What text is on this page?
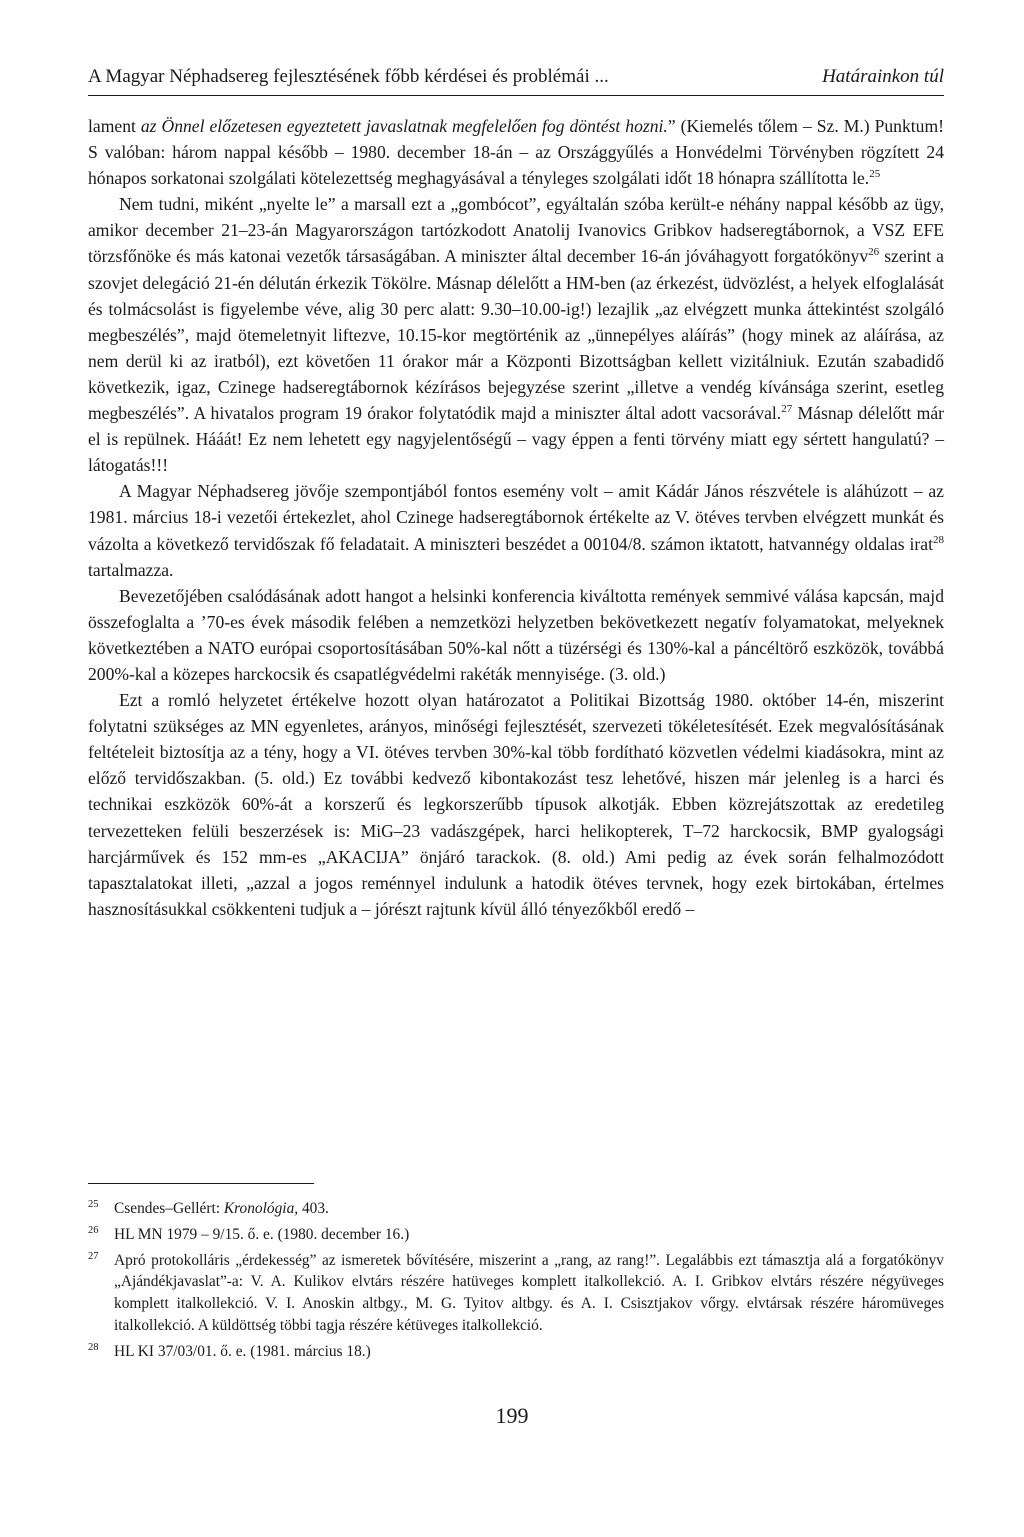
A Magyar Néphadsereg fejlesztésének főbb kérdései és problémái ...	Határainkon túl

lament az Önnel előzetesen egyeztetett javaslatnak megfelelően fog döntést hozni.” (Kiemelés tőlem – Sz. M.) Punktum! S valóban: három nappal később – 1980. december 18-án – az Országgyűlés a Honvédelmi Törvényben rögzített 24 hónapos sorkatonai szolgálati kötelezettség meghagyásával a tényleges szolgálati időt 18 hónapra szállította le.$^{25}$

Nem tudni, miként „nyelte le” a marsall ezt a „gombócot”, egyáltalán szóba került-e néhány nappal később az ügy, amikor december 21–23-án Magyarországon tartózkodott Anatolij Ivanovics Gribkov hadseregtábornok, a VSZ EFE törzsfőnöke és más katonai vezetők társaságában. A miniszter által december 16-án jóváhagyott forgatókönyv$^{26}$ szerint a szovjet delegáció 21-én délután érkezik Tökölre. Másnap délelőtt a HM-ben (az érkezést, üdvözlést, a helyek elfoglalását és tolmácsolást is figyelembe véve, alig 30 perc alatt: 9.30–10.00-ig!) lezajlik „az elvégzett munka áttekintést szolgáló megbeszélés”, majd ötemeletnyit liftezve, 10.15-kor megtörténik az „ünnepélyes aláírás” (hogy minek az aláírása, az nem derül ki az iratból), ezt követően 11 órakor már a Központi Bizottságban kellett vizitálniuk. Ezután szabadidő következik, igaz, Czinege hadseregtábornok kézírásos bejegyzése szerint „illetve a vendég kívánsága szerint, esetleg megbeszélés”. A hivatalos program 19 órakor folytatódik majd a miniszter által adott vacsorával.$^{27}$ Másnap délelőtt már el is repülnek. Hááát! Ez nem lehetett egy nagyjelentőségű – vagy éppen a fenti törvény miatt egy sértett hangulatú? – látogatás!!!

A Magyar Néphadsereg jövője szempontjából fontos esemény volt – amit Kádár János részvétele is aláhúzott – az 1981. március 18-i vezetői értekezlet, ahol Czinege hadseregtábornok értékelte az V. ötéves tervben elvégzett munkát és vázolta a következő tervidőszak fő feladatait. A miniszteri beszédet a 00104/8. számon iktatott, hatvannégy oldalas irat$^{28}$ tartalmazza.

Bevezetőjében csalódásának adott hangot a helsinki konferencia kiváltotta remények semmivé válása kapcsán, majd összefoglalta a ’70-es évek második felében a nemzetközi helyzetben bekövetkezett negatív folyamatokat, melyeknek következtében a NATO európai csoportosításában 50%-kal nőtt a tüzérségi és 130%-kal a páncéltörő eszközök, továbbá 200%-kal a közepes harckocsik és csapatlégvédelmi rakéták mennyisége. (3. old.)

Ezt a romló helyzetet értékelve hozott olyan határozatot a Politikai Bizottság 1980. október 14-én, miszerint folytatni szükséges az MN egyenletes, arányos, minőségi fejlesztését, szervezeti tökéletesítését. Ezek megvalósításának feltételeit biztosítja az a tény, hogy a VI. ötéves tervben 30%-kal több fordítható közvetlen védelmi kiadásokra, mint az előző tervidőszakban. (5. old.) Ez további kedvező kibontakozást tesz lehetővé, hiszen már jelenleg is a harci és technikai eszközök 60%-át a korszerű és legkorszerűbb típusok alkotják. Ebben közrejátszottak az eredetileg tervezetteken felüli beszerzések is: MiG–23 vadászgépek, harci helikopterek, T–72 harckocsik, BMP gyalogsági harcjárművek és 152 mm-es „AKACIJA” önjáró tarackok. (8. old.) Ami pedig az évek során felhalmozódott tapasztalatokat illeti, „azzal a jogos reménnyel indulunk a hatodik ötéves tervnek, hogy ezek birtokában, értelmes hasznosításukkal csökkenteni tudjuk a – jórészt rajtunk kívül álló tényezőkből eredő –

25 Csendes–Gellért: Kronológia, 403.
26 HL MN 1979 – 9/15. ő. e. (1980. december 16.)
27 Apró protokolláris „érdekesség” az ismeretek bővítésére, miszerint a „rang, az rang!”. Legalábbis ezt támasztja alá a forgatókönyv „Ajándékjavaslat”-a: V. A. Kulikov elvtárs részére hatüveges komplett italkollekció. A. I. Gribkov elvtárs részére négyüveges komplett italkollekció. V. I. Anoskin altbgy., M. G. Tyitov altbgy. és A. I. Csisztjakov vőrgy. elvtársak részére háromüveges italkollekció. A küldöttség többi tagja részére kétüveges italkollekció.
28 HL KI 37/03/01. ő. e. (1981. március 18.)
199
